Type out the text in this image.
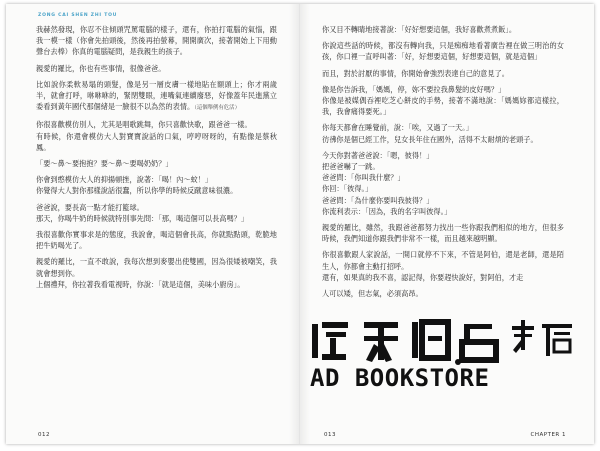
ZONG CAI SHEN ZHI TOU

我赫然發現，你忍不住傾頭咒罵電腦的樣子，還有，你拍打電腦的氣惱，跟我一模一樣（你會先拍頭後，然後再拍螢幕，開開廣次，接著開始上下用動聲台去棒）你真的電腦疑問，是我親生的孩子。

親愛的羅比，你也有些事情，很像爸爸。

比如說你柔軟易塌的頭髮，像是另一層皮膚一樣地貼在額頭上；你才兩歲半，就會打呼，咻咻咻的，緊閉雙眼，連嘴氣連續廢惡，好像蓋年民進黨立委看到黃年國代那個緒是一臉很不以為然的表情。（這個舉例有危活）

你很喜歡模仿別人，尤其是唱歌跳舞，你只喜歡快歌，跟爸爸一樣。
有時候，你還會模仿大人對寶寶說話的口氣，哼哼呀呀的，有點像是蔡秋鳳。

「要～鼻～要抱抱？要～鼻～要喝奶奶？」

你會到憨模仿大人的抑揚頓挫，說著：「喝！內～蚊！」
你覺得大人對你那樣說話很蠢，所以你學的時候反蹴意味很濃。

爸爸說，要長高一點才能打籃球。
那天，你喝牛奶的時候就特別事先問：「那，喝這個可以長高嗎？」

我很喜歡你實事求是的態度，我說會，喝這個會長高，你就點點頭，乾脆地把牛奶喝光了。

親愛的羅比，一直不敢說，我每次想到麥嬰出使雙國，因為很矮被嘲笑，我就會想到你。
上個禮拜，你拉著我看電視時，你說：「就是這個，美味小廚房」。

012

你又目不轉睛地接著說：「好好想要這個，我好喜歡煮煮飯」。

你說這些話的時候，都沒有轉向我，只是痴痴地看著廣告裡在做三明治的女孩，你口裡一直呼叫著：「好，好想要這個，好想要這個，就是這個」

而且，對於討厭的事情，你開始會強烈表達自己的意見了。

像是你告訴我，「媽媽，停，妳不要拉我鼻髮的皮好嗎？」
你像是被媒偶吞裡吃芝心餅皮的手勢，接著不滿地說：「媽媽妳都這樣拉，我，我會痛得要死。」

你每天都會在睡覺前，說：「唉，又過了一天。」
彷彿你是個已經工作，兒女長年住在國外，活得不太耐煩的老頭子。

今天你對著爸爸說：「嗯，彼得！」
把爸爸嚇了一跳。
爸爸問：「你叫我什麼？」
你回：「彼得。」
爸爸問：「為什麼你要叫我彼得？」
你流利表示：「因為，我的名字叫彼得。」

親愛的羅比，雖然，我跟爸爸都努力找出一些你跟我們相似的地方，但很多時候，我們知道你跟我們非常不一樣，而且越來越明顯。

你很喜歡跟人家說話，一開口就停不下來，不管是阿伯，還是老師，還是陌生人，你都會主動打招呼。
還有，如果真的我不喜，認記得，你要趕快說好，對阿伯，才走

人可以矮，但志氣，必須高昂。

013	CHAPTER 1
AD BOOKSTORE
